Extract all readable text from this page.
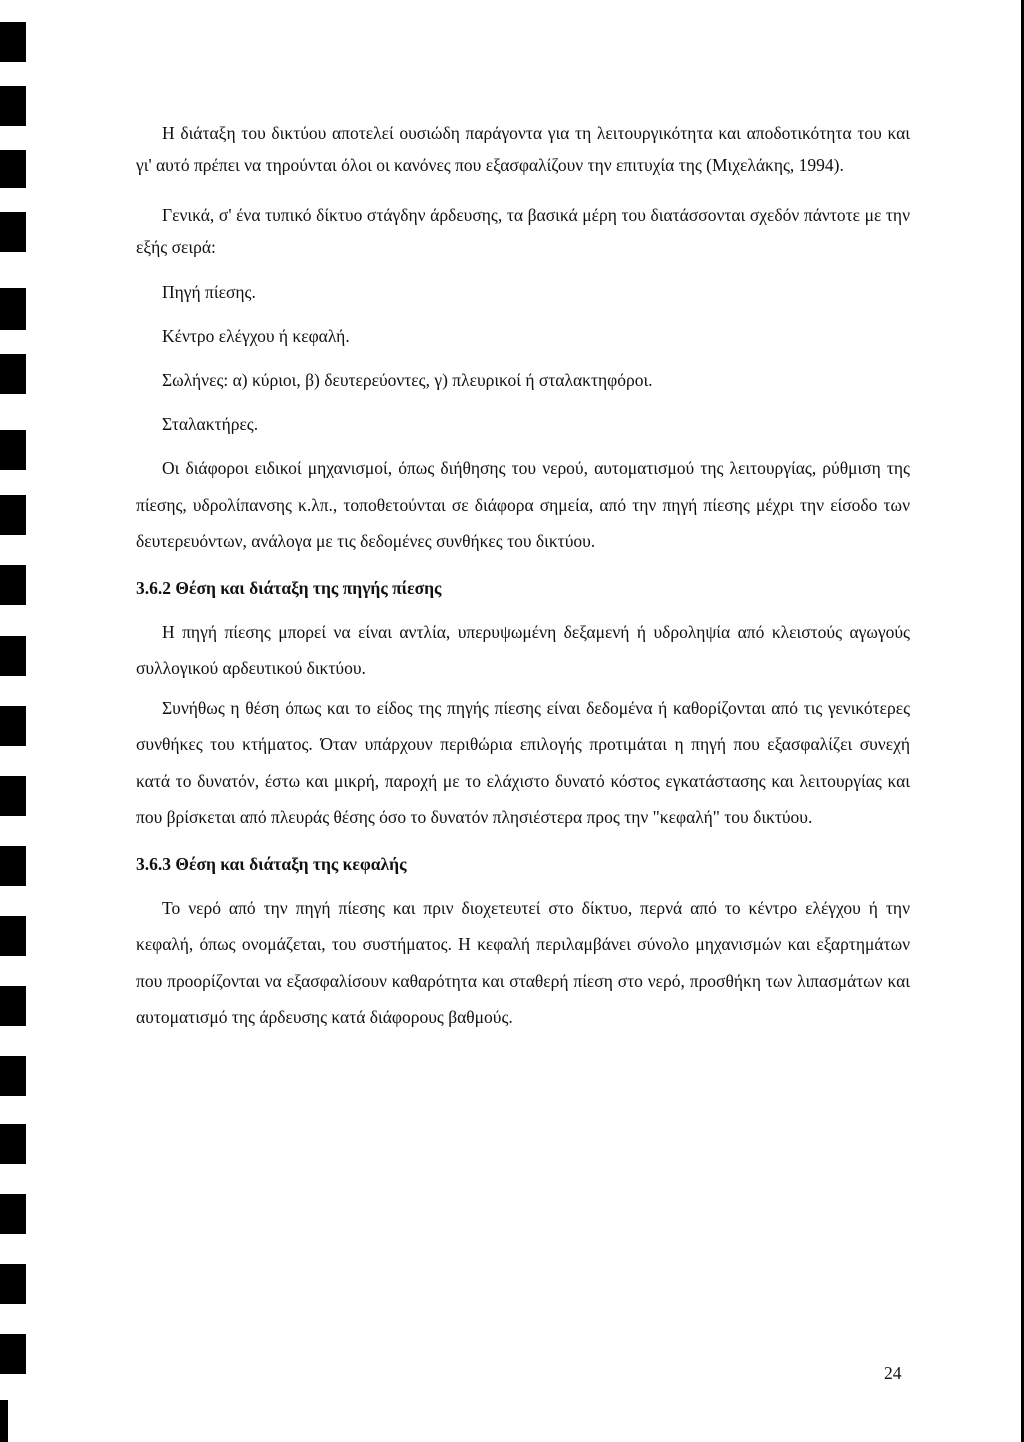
Η διάταξη του δικτύου αποτελεί ουσιώδη παράγοντα για τη λειτουργικότητα και αποδοτικότητα του και γι' αυτό πρέπει να τηρούνται όλοι οι κανόνες που εξασφαλίζουν την επιτυχία της (Μιχελάκης, 1994).

Γενικά, σ' ένα τυπικό δίκτυο στάγδην άρδευσης, τα βασικά μέρη του διατάσσονται σχεδόν πάντοτε με την εξής σειρά:

Πηγή πίεσης.

Κέντρο ελέγχου ή κεφαλή.

Σωλήνες: α) κύριοι, β) δευτερεύοντες, γ) πλευρικοί ή σταλακτηφόροι.

Σταλακτήρες.

Οι διάφοροι ειδικοί μηχανισμοί, όπως διήθησης του νερού, αυτοματισμού της λειτουργίας, ρύθμιση της πίεσης, υδρολίπανσης κ.λπ., τοποθετούνται σε διάφορα σημεία, από την πηγή πίεσης μέχρι την είσοδο των δευτερευόντων, ανάλογα με τις δεδομένες συνθήκες του δικτύου.

3.6.2 Θέση και διάταξη της πηγής πίεσης

Η πηγή πίεσης μπορεί να είναι αντλία, υπερυψωμένη δεξαμενή ή υδροληψία από κλειστούς αγωγούς συλλογικού αρδευτικού δικτύου.

Συνήθως η θέση όπως και το είδος της πηγής πίεσης είναι δεδομένα ή καθορίζονται από τις γενικότερες συνθήκες του κτήματος. Όταν υπάρχουν περιθώρια επιλογής προτιμάται η πηγή που εξασφαλίζει συνεχή κατά το δυνατόν, έστω και μικρή, παροχή με το ελάχιστο δυνατό κόστος εγκατάστασης και λειτουργίας και που βρίσκεται από πλευράς θέσης όσο το δυνατόν πλησιέστερα προς την "κεφαλή" του δικτύου.

3.6.3 Θέση και διάταξη της κεφαλής

Το νερό από την πηγή πίεσης και πριν διοχετευτεί στο δίκτυο, περνά από το κέντρο ελέγχου ή την κεφαλή, όπως ονομάζεται, του συστήματος. Η κεφαλή περιλαμβάνει σύνολο μηχανισμών και εξαρτημάτων που προορίζονται να εξασφαλίσουν καθαρότητα και σταθερή πίεση στο νερό, προσθήκη των λιπασμάτων και αυτοματισμό της άρδευσης κατά διάφορους βαθμούς.

24
